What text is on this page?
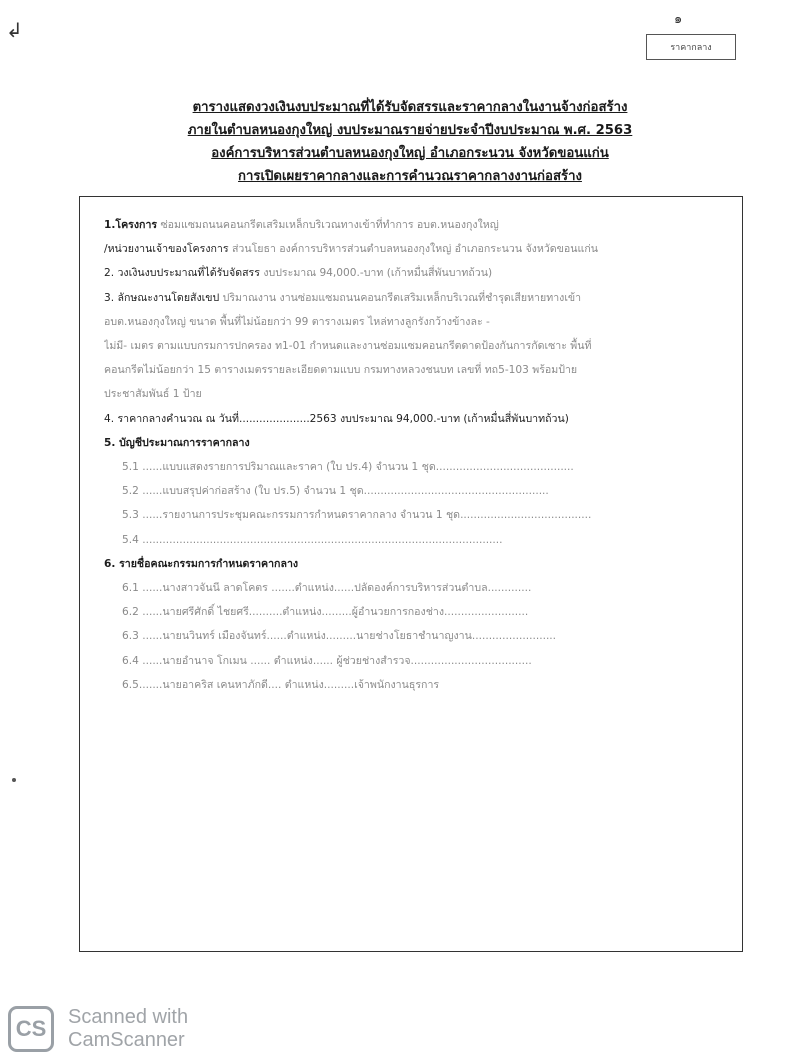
↲	๑
ราคากลาง
ตารางแสดงวงเงินงบประมาณที่ได้รับจัดสรรและราคากลางในงานจ้างก่อสร้าง
ภายในตำบลหนองกุงใหญ่ งบประมาณรายจ่ายประจำปีงบประมาณ พ.ศ. 2563
องค์การบริหารส่วนตำบลหนองกุงใหญ่ อำเภอกระนวน จังหวัดขอนแก่น
การเปิดเผยราคากลางและการคำนวณราคากลางงานก่อสร้าง
1.โครงการ ซ่อมแซมถนนคอนกรีตเสริมเหล็กบริเวณทางเข้าที่ทำการ อบต.หนองกุงใหญ่
/หน่วยงานเจ้าของโครงการ ส่วนโยธา องค์การบริหารส่วนตำบลหนองกุงใหญ่ อำเภอกระนวน จังหวัดขอนแก่น
2. วงเงินงบประมาณที่ได้รับจัดสรร งบประมาณ 94,000.-บาท (เก้าหมื่นสี่พันบาทถ้วน)
3. ลักษณะงานโดยสังเขป ปริมาณงาน งานซ่อมแซมถนนคอนกรีตเสริมเหล็กบริเวณที่ชำรุดเสียหายทางเข้า
อบต.หนองกุงใหญ่ ขนาด พื้นที่ไม่น้อยกว่า 99 ตารางเมตร ไหล่ทางลูกรังกว้างข้างละ -
ไม่มี- เมตร ตามแบบกรมการปกครอง ท1-01 กำหนดและงานซ่อมแซมคอนกรีตดาดป้องกันการกัดเซาะ พื้นที่
คอนกรีตไม่น้อยกว่า 15 ตารางเมตรรายละเอียดตามแบบ กรมทางหลวงชนบท เลขที่ ทถ5-103 พร้อมป้าย
ประชาสัมพันธ์ 1 ป้าย
4. ราคากลางคำนวณ ณ วันที่.....................2563 งบประมาณ 94,000.-บาท (เก้าหมื่นสี่พันบาทถ้วน)
5. บัญชีประมาณการราคากลาง
5.1 ......แบบแสดงรายการปริมาณและราคา (ใบ ปร.4) จำนวน 1 ชุด.........................................
5.2 ......แบบสรุปค่าก่อสร้าง (ใบ ปร.5) จำนวน 1 ชุด.......................................................
5.3 ......รายงานการประชุมคณะกรรมการกำหนดราคากลาง จำนวน 1 ชุด.......................................
5.4 ...........................................................................................................
6. รายชื่อคณะกรรมการกำหนดราคากลาง
6.1 ......นางสาวจันนี ลาดโคตร .......ตำแหน่ง......ปลัดองค์การบริหารส่วนตำบล.............
6.2 ......นายศรีศักดิ์ ไชยศรี..........ตำแหน่ง.........ผู้อำนวยการกองช่าง.........................
6.3 ......นายนวินทร์ เมืองจันทร์......ตำแหน่ง.........นายช่างโยธาชำนาญงาน.........................
6.4 ......นายอำนาจ โกเมน ...... ตำแหน่ง...... ผู้ช่วยช่างสำรวจ....................................
6.5.......นายอาคริส เคนหาภักดี.... ตำแหน่ง.........เจ้าพนักงานธุรการ
CS	Scanned with
CamScanner
